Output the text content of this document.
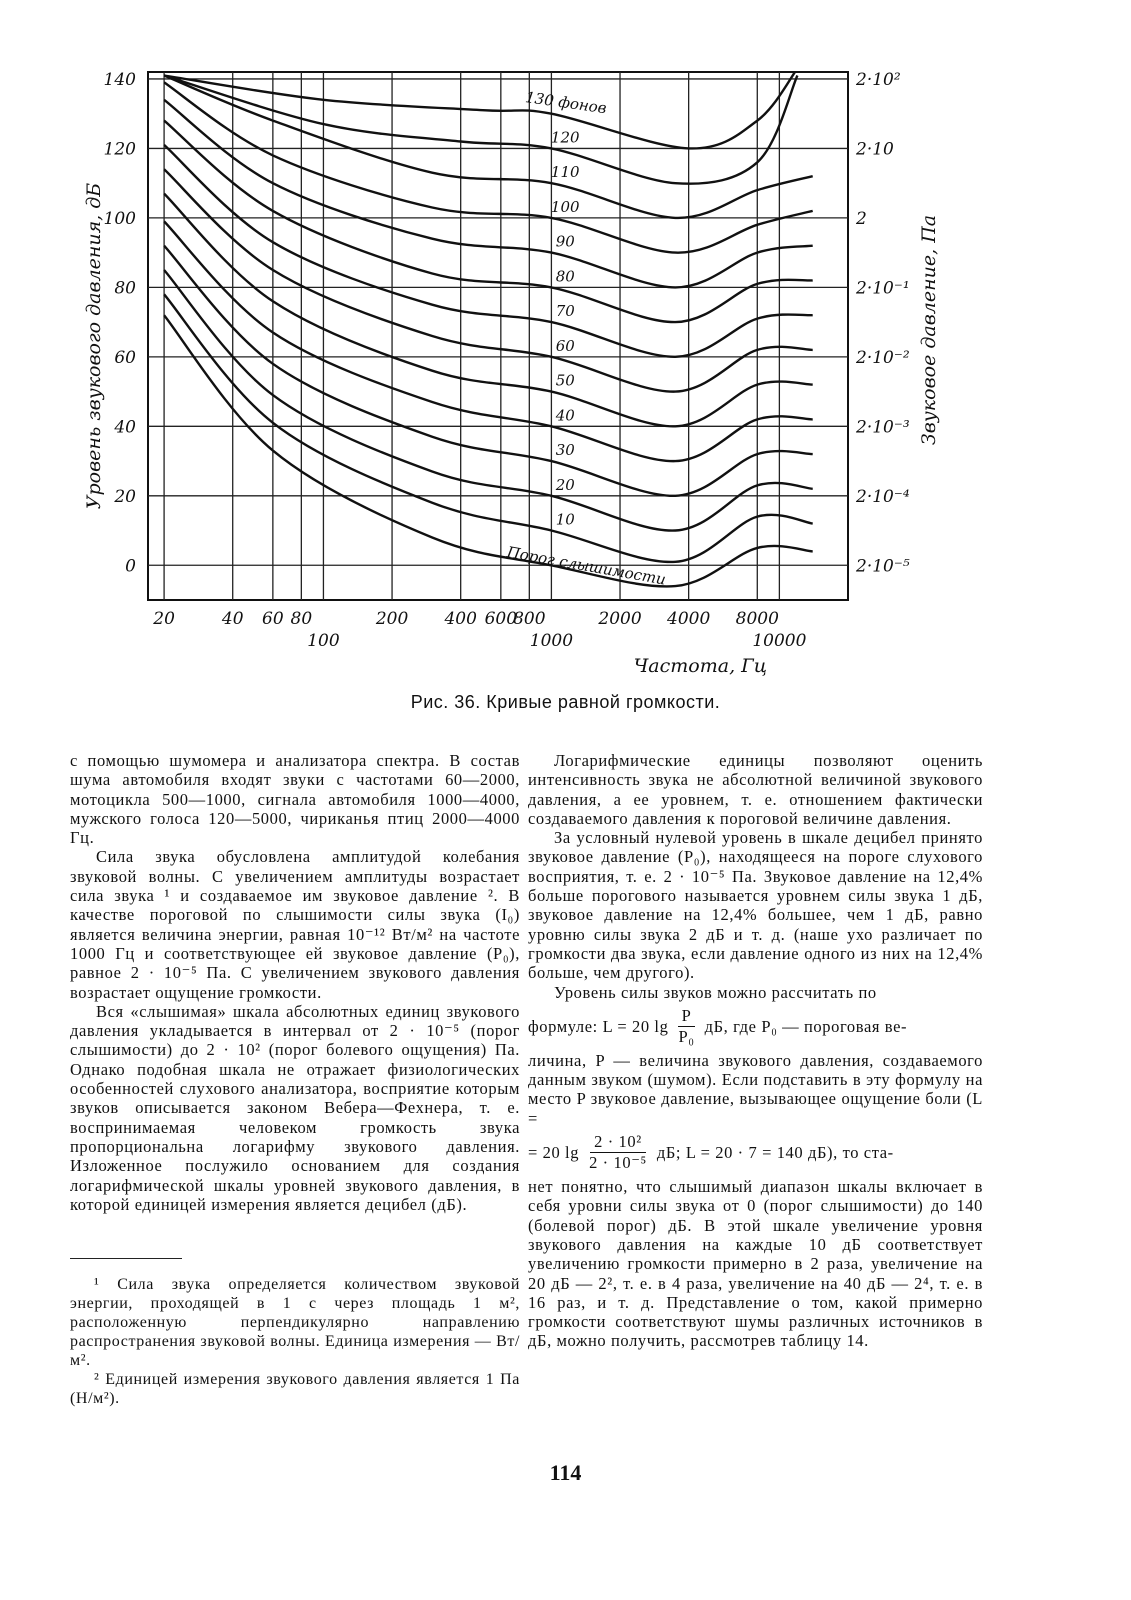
130 фонов
120
110
100
90
80
70
60
50
40
30
20
10
Порог слышимости
140
120
100
80
60
40
20
0
2·10²
2·10
2
2·10⁻¹
2·10⁻²
2·10⁻³
2·10⁻⁴
2·10⁻⁵
20	40 60 80	200 400 600
800	2000 4000 8000
100	1000	10000
Частота, Гц
Уровень звукового давления, дБ	Звуковое давление, Па
Рис. 36. Кривые равной громкости.

с помощью шумомера и анализатора спектра. В состав шума автомобиля входят звуки с частотами 60—2000, мотоцикла 500—1000, сигнала автомобиля 1000—4000, мужского голоса 120—5000, чириканья птиц 2000—4000 Гц.

Сила звука обусловлена амплитудой колебания звуковой волны. С увеличением амплитуды возрастает сила звука ¹ и создаваемое им звуковое давление ². В качестве пороговой по слышимости силы звука (I₀) является величина энергии, равная 10⁻¹² Вт/м² на частоте 1000 Гц и соответствующее ей звуковое давление (P₀), равное 2 · 10⁻⁵ Па. С увеличением звукового давления возрастает ощущение громкости.

Вся «слышимая» шкала абсолютных единиц звукового давления укладывается в интервал от 2 · 10⁻⁵ (порог слышимости) до 2 · 10² (порог болевого ощущения) Па. Однако подобная шкала не отражает физиологических особенностей слухового анализатора, восприятие которым звуков описывается законом Вебера—Фехнера, т. е. воспринимаемая человеком громкость звука пропорциональна логарифму звукового давления. Изложенное послужило основанием для создания логарифмической шкалы уровней звукового давления, в которой единицей измерения является децибел (дБ).

¹ Сила звука определяется количеством звуковой энергии, проходящей в 1 с через площадь 1 м², расположенную перпендикулярно направлению распространения звуковой волны. Единица измерения — Вт/м².

² Единицей измерения звукового давления является 1 Па (Н/м²).

Логарифмические единицы позволяют оценить интенсивность звука не абсолютной величиной звукового давления, а ее уровнем, т. е. отношением фактически создаваемого давления к пороговой величине давления.

За условный нулевой уровень в шкале децибел принято звуковое давление (P₀), находящееся на пороге слухового восприятия, т. е. 2 · 10⁻⁵ Па. Звуковое давление на 12,4% больше порогового называется уровнем силы звука 1 дБ, звуковое давление на 12,4% большее, чем 1 дБ, равно уровню силы звука 2 дБ и т. д. (наше ухо различает по громкости два звука, если давление одного из них на 12,4% больше, чем другого).

Уровень силы звуков можно рассчитать по

формуле: L = 20 $\lg \frac{P}{\text{P₀}}$ дБ, где P₀ — пороговая ве-

личина, P — величина звукового давления, создаваемого данным звуком (шумом). Если подставить в эту формулу на место P звуковое давление, вызывающее ощущение боли (L =

= 20 $\lg \frac{\text{2 · 10²}}{\text{2 · 10⁻⁵}}$ дБ; L = 20 · 7 = 140 дБ), то ста-

нет понятно, что слышимый диапазон шкалы включает в себя уровни силы звука от 0 (порог слышимости) до 140 (болевой порог) дБ. В этой шкале увеличение уровня звукового давления на каждые 10 дБ соответствует увеличению громкости примерно в 2 раза, увеличение на 20 дБ — 2², т. е. в 4 раза, увеличение на 40 дБ — 2⁴, т. е. в 16 раз, и т. д. Представление о том, какой примерно громкости соответствуют шумы различных источников в дБ, можно получить, рассмотрев таблицу 14.

114
